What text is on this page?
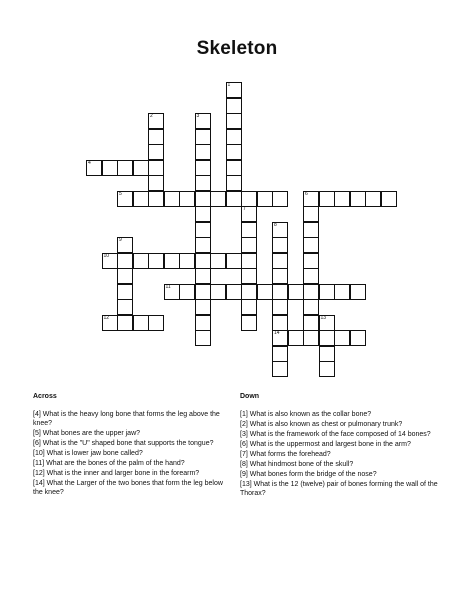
Skeleton
1
2	3
4
5	6
7
8
9
10
11
12	13
14
Across
[4] What is the heavy long bone that forms the leg above the knee?
[5] What bones are the upper jaw?
[6] What is the "U" shaped bone that supports the tongue?
[10] What is lower jaw bone called?
[11] What are the bones of the palm of the hand?
[12] What is the inner and larger bone in the forearm?
[14] What the Larger of the two bones that form the leg below the knee?
Down
[1] What is also known as the collar bone?
[2] What is also known as chest or pulmonary trunk?
[3] What is the framework of the face composed of 14 bones?
[6] What is the uppermost and largest bone in the arm?
[7] What forms the forehead?
[8] What hindmost bone of the skull?
[9] What bones form the bridge of the nose?
[13] What is the 12 (twelve) pair of bones forming the wall of the Thorax?
